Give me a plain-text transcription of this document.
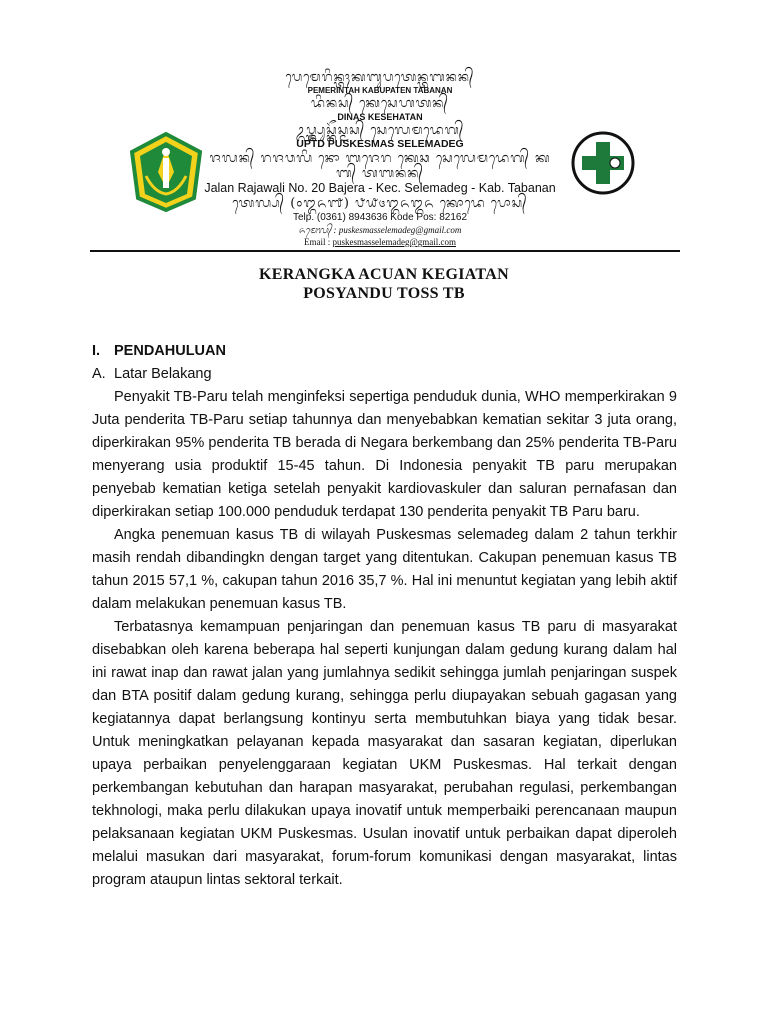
ᬧᬾᬫᬾᬭᬶᬦ᭄ᬢᬄᬓᬩᬸᬧᬢᬾᬦ᭄ᬢᬩᬦᬦ᭄
PEMERINTAH KABUPATEN TABANAN
ᬤᬶᬦᬲ᭄ ᬓᬾᬲᬾᬳᬢᬦ᭄
DINAS KESEHATAN
ᬉᬧ᭄ᬢ᭄ᬤ᭄ᬧᬸᬲ᭄ᬓᭂᬲ᭄ᬫᬲ᭄ ᬲᬾᬮᬾᬫᬤᬾᬕ᭄
UPTD PUSKESMAS SELEMADEG
ᬚᬮᬦ᭄ ᬭᬚᬯᬮᬶ ᬦᭀ ᬩᬚᬾᬭ ᬓᬾᬘ ᬲᬾᬮᬾᬫᬤᬾᬕ᭄ ᬓᬩ᭄ ᬢᬩᬦᬦ᭄
Jalan Rajawali No. 20 Bajera - Kec. Selemadeg - Kab. Tabanan
ᬢᬾᬮ᭄ᬧ᭄ (᭐᭓᭖᭑) ᭘᭙᭔᭓᭖᭓᭖ ᬓᭀᬤᬾ ᬧᭀᬲ᭄
Telp. (0361) 8943636 Kode Pos: 82162
ᬏᬫᬾᬮ᭄ : puskesmasselemadeg@gmail.com
Email : puskesmasselemadeg@gmail.com
KERANGKA ACUAN KEGIATAN
POSYANDU TOSS TB
I. PENDAHULUAN
A. Latar Belakang

Penyakit TB-Paru telah menginfeksi sepertiga penduduk dunia, WHO memperkirakan 9 Juta penderita TB-Paru setiap tahunnya dan menyebabkan kematian sekitar 3 juta orang, diperkirakan 95% penderita TB berada di Negara berkembang dan 25% penderita TB-Paru menyerang usia produktif 15-45 tahun. Di Indonesia penyakit TB paru merupakan penyebab kematian ketiga setelah penyakit kardiovaskuler dan saluran pernafasan dan diperkirakan setiap 100.000 penduduk terdapat 130 penderita penyakit TB Paru baru.

Angka penemuan kasus TB di wilayah Puskesmas selemadeg dalam 2 tahun terkhir masih rendah dibandingkn dengan target yang ditentukan. Cakupan penemuan kasus TB tahun 2015 57,1 %, cakupan tahun 2016 35,7 %. Hal ini menuntut kegiatan yang lebih aktif dalam melakukan penemuan kasus TB.

Terbatasnya kemampuan penjaringan dan penemuan kasus TB paru di masyarakat disebabkan oleh karena beberapa hal seperti kunjungan dalam gedung kurang dalam hal ini rawat inap dan rawat jalan yang jumlahnya sedikit sehingga jumlah penjaringan suspek dan BTA positif dalam gedung kurang, sehingga perlu diupayakan sebuah gagasan yang kegiatannya dapat berlangsung kontinyu serta membutuhkan biaya yang tidak besar. Untuk meningkatkan pelayanan kepada masyarakat dan sasaran kegiatan, diperlukan upaya perbaikan penyelenggaraan kegiatan UKM Puskesmas. Hal terkait dengan perkembangan kebutuhan dan harapan masyarakat, perubahan regulasi, perkembangan tekhnologi, maka perlu dilakukan upaya inovatif untuk memperbaiki perencanaan maupun pelaksanaan kegiatan UKM Puskesmas. Usulan inovatif untuk perbaikan dapat diperoleh melalui masukan dari masyarakat, forum-forum komunikasi dengan masyarakat, lintas program ataupun lintas sektoral terkait.
